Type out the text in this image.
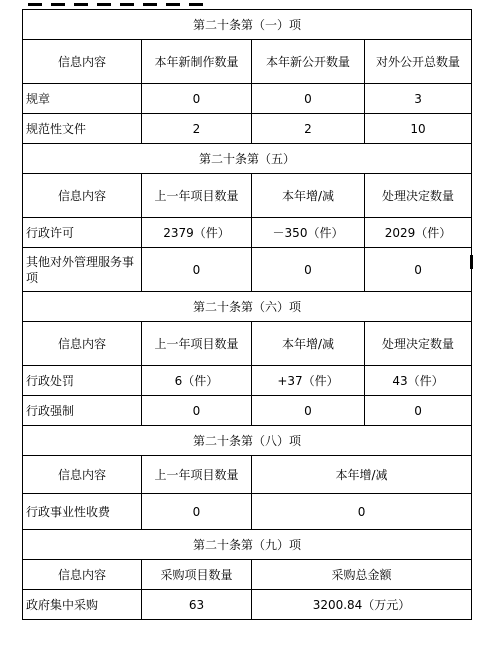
第二十条第（一）项			
信息内容	本年新制作数量	本年新公开数量	对外公开总数量
规章	0	0	3
规范性文件	2	2	10
第二十条第（五）			
信息内容	上一年项目数量	本年增/减	处理决定数量
行政许可	2379（件）	－350（件）	2029（件）
其他对外管理服务事项	0	0	0
第二十条第（六）项			
信息内容	上一年项目数量	本年增/减	处理决定数量
行政处罚	6（件）	+37（件）	43（件）
行政强制	0	0	0
第二十条第（八）项			
信息内容	上一年项目数量	本年增/减	
行政事业性收费	0	0	
第二十条第（九）项			
信息内容	采购项目数量	采购总金额	
政府集中采购	63	3200.84（万元）	
